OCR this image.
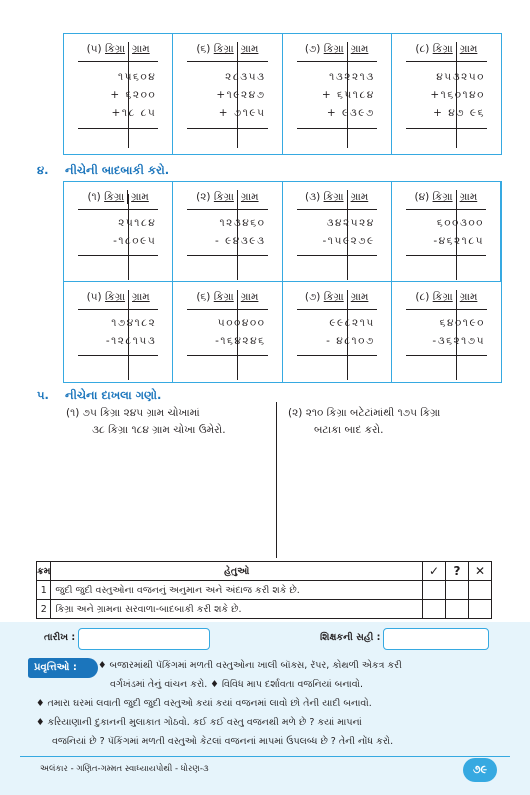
(૫) કિગ્રા ગ્રામ
૧૫૬૦૪
+ ૬૨૦૦
+૧૮ ૮૫
(૬) કિગ્રા ગ્રામ
૨૮૩૫૩
+૧૯૨૪૭
+ ૭૧૯૫
(૭) કિગ્રા ગ્રામ
૧૩૨૨૧૩
+ ૬૫૧૮૪
+ ૯૩૯૭
(૮) કિગ્રા ગ્રામ
૪૫૩૨૫૦
+૧૬૦૧૪૦
+ ૪૭ ૯૬
૪. નીચેની બાદબાકી કરો.
(૧) કિગ્રા ગ્રામ
૨૫૧૮૪
-૧૮૦૯૫
(૨) કિગ્રા ગ્રામ
૧૨૩૪૬૦
- ૯૪૩૯૩
(૩) કિગ્રા ગ્રામ
૩૪૨૫૨૪
-૧૫૯૨૭૯
(૪) કિગ્રા ગ્રામ
૬૦૦૩૦૦
-૪૬૨૧૮૫
(૫) કિગ્રા ગ્રામ
૧૭૪૧૮૨
-૧૨૮૧૫૩
(૬) કિગ્રા ગ્રામ
૫૦૦૪૦૦
-૧૬૪૨૪૬
(૭) કિગ્રા ગ્રામ
૯૯૮૨૧૫
- ૪૮૧૦૭
(૮) કિગ્રા ગ્રામ
૬૪૦૧૯૦
-૩૬૨૧૭૫
૫. નીચેના દાખલા ગણો.
(૧) ૭૫ કિગ્રા ૨૪૫ ગ્રામ ચોખામાં
૩૮ કિગ્રા ૧૮૪ ગ્રામ ચોખા ઉમેરો.
(૨) ૨૧૦ કિગ્રા બટેટાંમાંથી ૧૭૫ કિગ્રા
બટાકા બાદ કરો.
ક્રમ	હેતુઓ	✓	?	✕
1	જુદી જુદી વસ્તુઓના વજનનું અનુમાન અને અંદાજ કરી શકે છે.			
2	કિગ્રા અને ગ્રામના સરવાળા-બાદબાકી કરી શકે છે.			
તારીખ :	શિક્ષકની સહી :
પ્રવૃત્તિઓ :	♦ બજારમાંથી પૅકિંગમાં મળતી વસ્તુઓના ખાલી બૉક્સ, રૅપર, કોથળી એકત્ર કરી
વર્ગખંડમાં તેનું વાંચન કરો. ♦ વિવિધ માપ દર્શાવતા વજનિયાં બનાવો.
♦ તમારા ઘરમાં લવાતી જુદી જુદી વસ્તુઓ કયાં કયાં વજનમાં લાવો છો તેની યાદી બનાવો.
♦ કરિયાણાની દુકાનની મુલાકાત ગોઠવો. કઈ કઈ વસ્તુ વજનથી મળે છે ? કયાં માપનાં
વજનિયાં છે ? પૅકિંગમાં મળતી વસ્તુઓ કેટલાં વજનનાં માપમાં ઉપલબ્ધ છે ? તેની નોંધ કરો.
અલંકાર - ગણિત-ગમ્મત સ્વાધ્યાયપોથી - ધોરણ-૩	૭૯
